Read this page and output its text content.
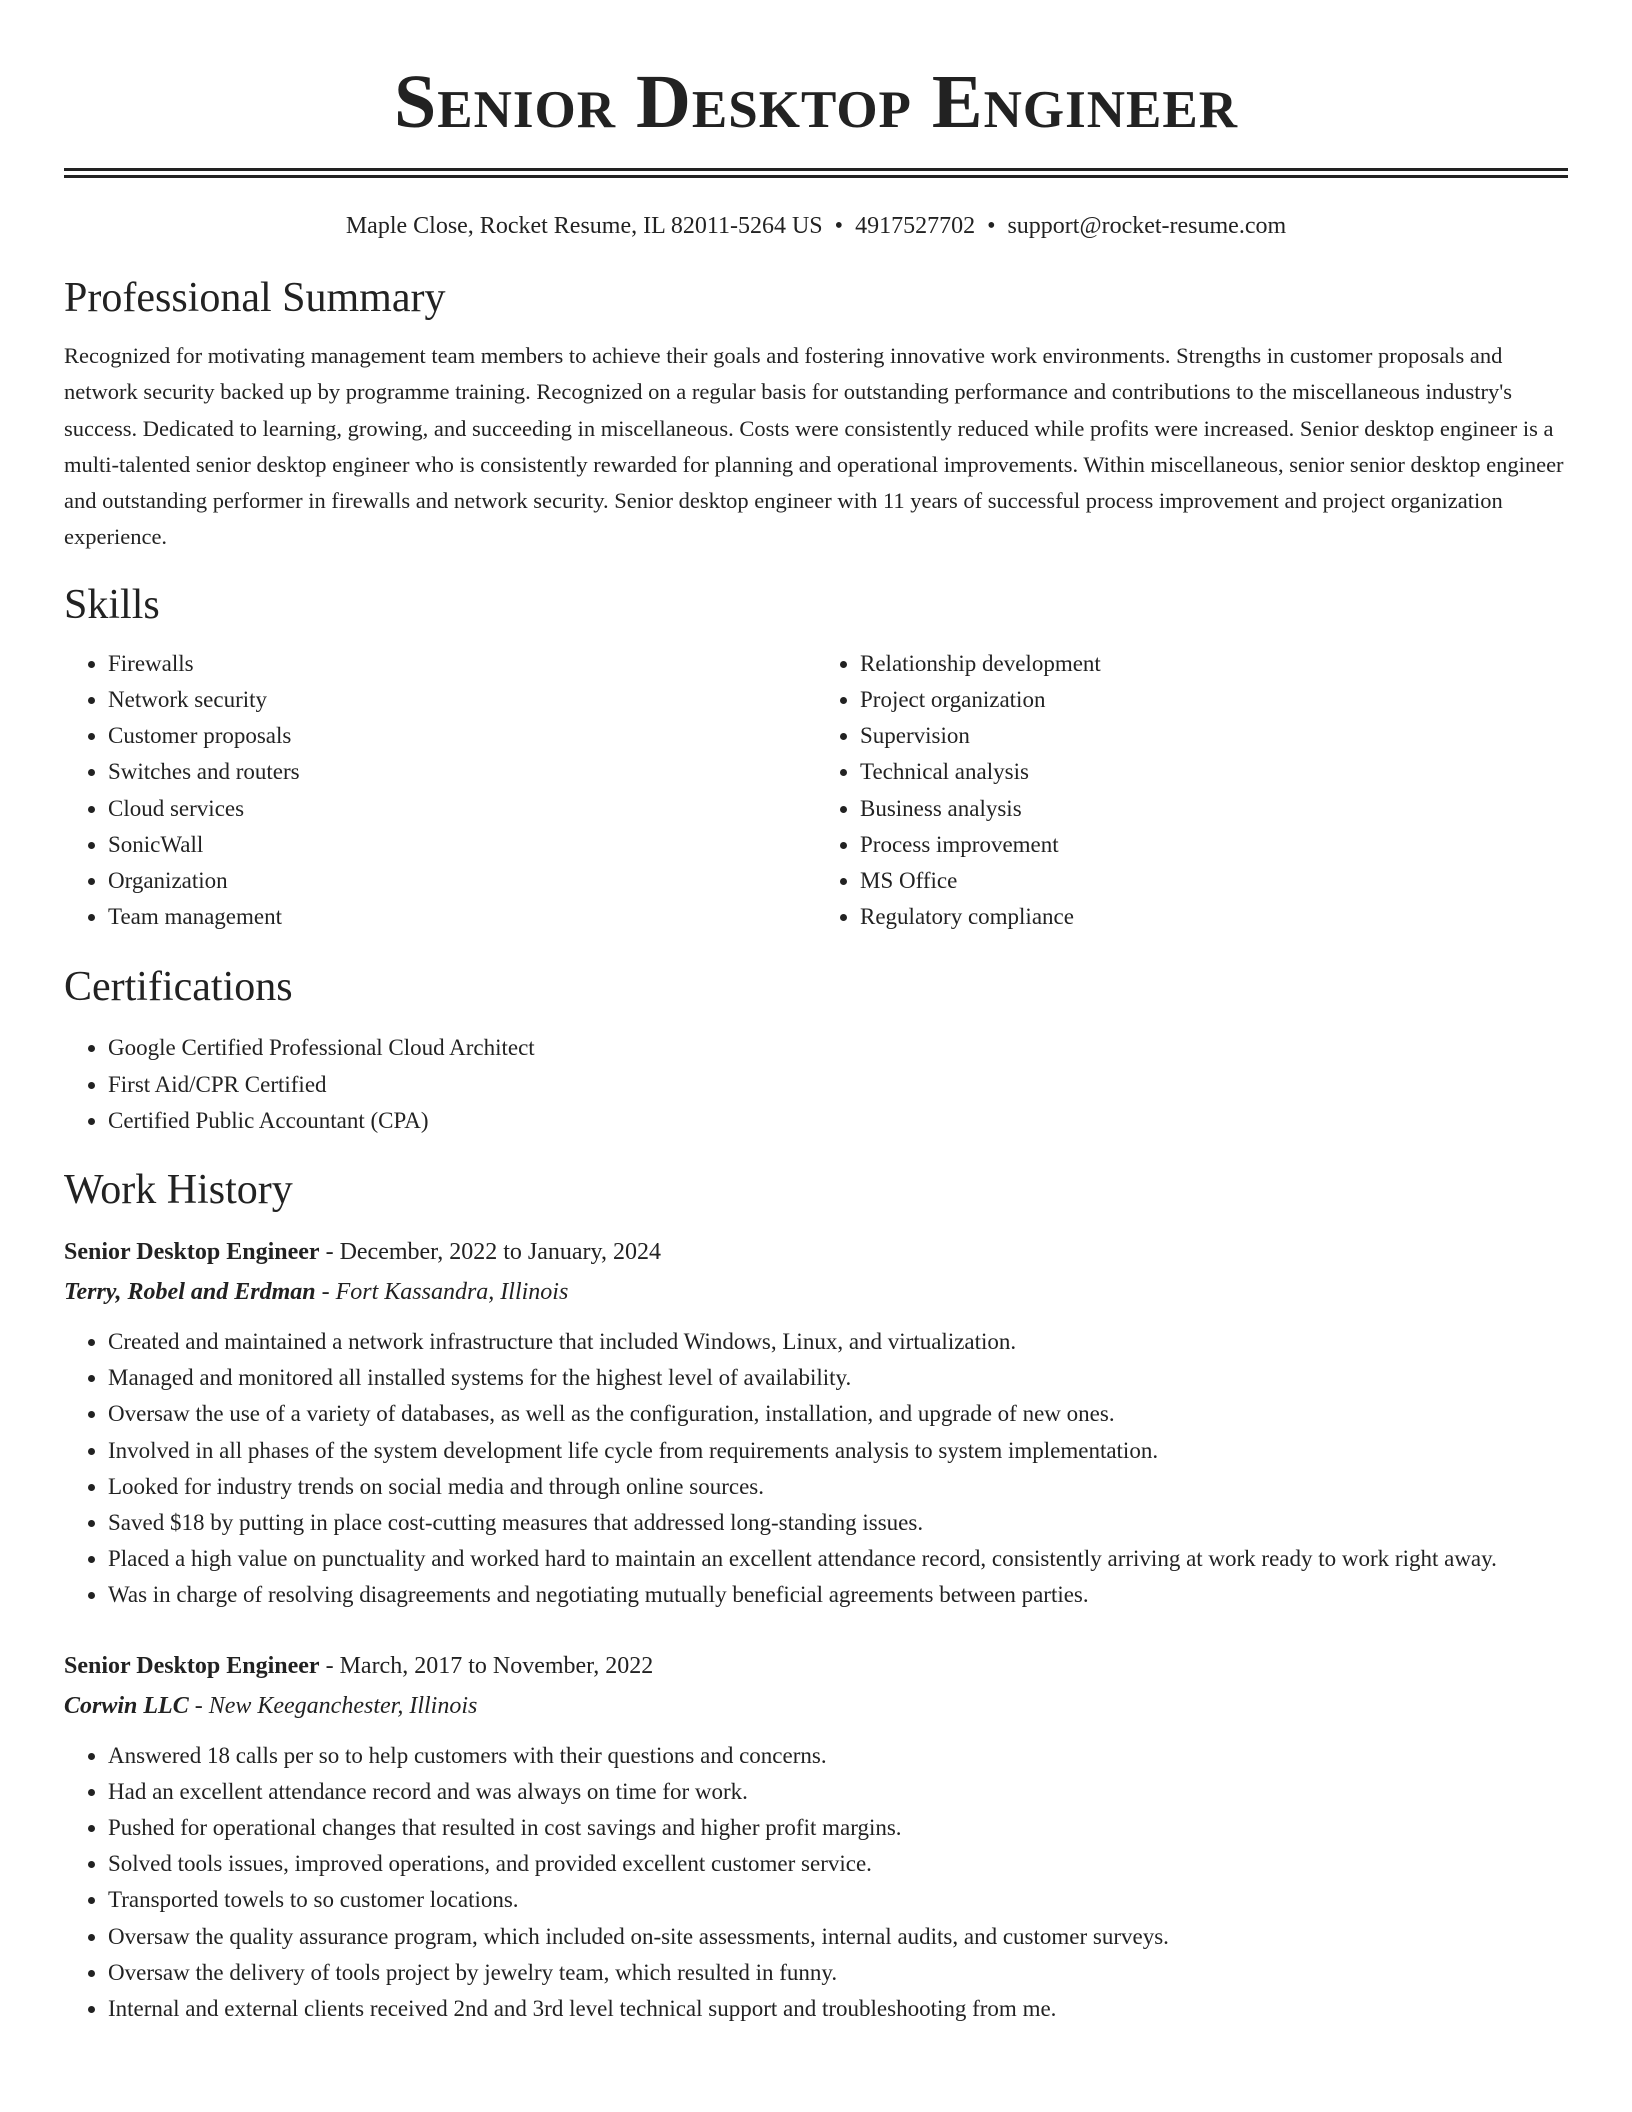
Senior Desktop Engineer
Maple Close, Rocket Resume, IL 82011-5264 US • 4917527702 • support@rocket-resume.com
Professional Summary

Recognized for motivating management team members to achieve their goals and fostering innovative work environments. Strengths in customer proposals and network security backed up by programme training. Recognized on a regular basis for outstanding performance and contributions to the miscellaneous industry's success. Dedicated to learning, growing, and succeeding in miscellaneous. Costs were consistently reduced while profits were increased. Senior desktop engineer is a multi-talented senior desktop engineer who is consistently rewarded for planning and operational improvements. Within miscellaneous, senior senior desktop engineer and outstanding performer in firewalls and network security. Senior desktop engineer with 11 years of successful process improvement and project organization experience.

Skills
• Firewalls
• Network security
• Customer proposals
• Switches and routers
• Cloud services
• SonicWall
• Organization
• Team management
• Relationship development
• Project organization
• Supervision
• Technical analysis
• Business analysis
• Process improvement
• MS Office
• Regulatory compliance
Certifications
• Google Certified Professional Cloud Architect
• First Aid/CPR Certified
• Certified Public Accountant (CPA)
Work History
Senior Desktop Engineer - December, 2022 to January, 2024
Terry, Robel and Erdman - Fort Kassandra, Illinois
• Created and maintained a network infrastructure that included Windows, Linux, and virtualization.
• Managed and monitored all installed systems for the highest level of availability.
• Oversaw the use of a variety of databases, as well as the configuration, installation, and upgrade of new ones.
• Involved in all phases of the system development life cycle from requirements analysis to system implementation.
• Looked for industry trends on social media and through online sources.
• Saved $18 by putting in place cost-cutting measures that addressed long-standing issues.
• Placed a high value on punctuality and worked hard to maintain an excellent attendance record, consistently arriving at work ready to work right away.
• Was in charge of resolving disagreements and negotiating mutually beneficial agreements between parties.
Senior Desktop Engineer - March, 2017 to November, 2022
Corwin LLC - New Keeganchester, Illinois
• Answered 18 calls per so to help customers with their questions and concerns.
• Had an excellent attendance record and was always on time for work.
• Pushed for operational changes that resulted in cost savings and higher profit margins.
• Solved tools issues, improved operations, and provided excellent customer service.
• Transported towels to so customer locations.
• Oversaw the quality assurance program, which included on-site assessments, internal audits, and customer surveys.
• Oversaw the delivery of tools project by jewelry team, which resulted in funny.
• Internal and external clients received 2nd and 3rd level technical support and troubleshooting from me.
